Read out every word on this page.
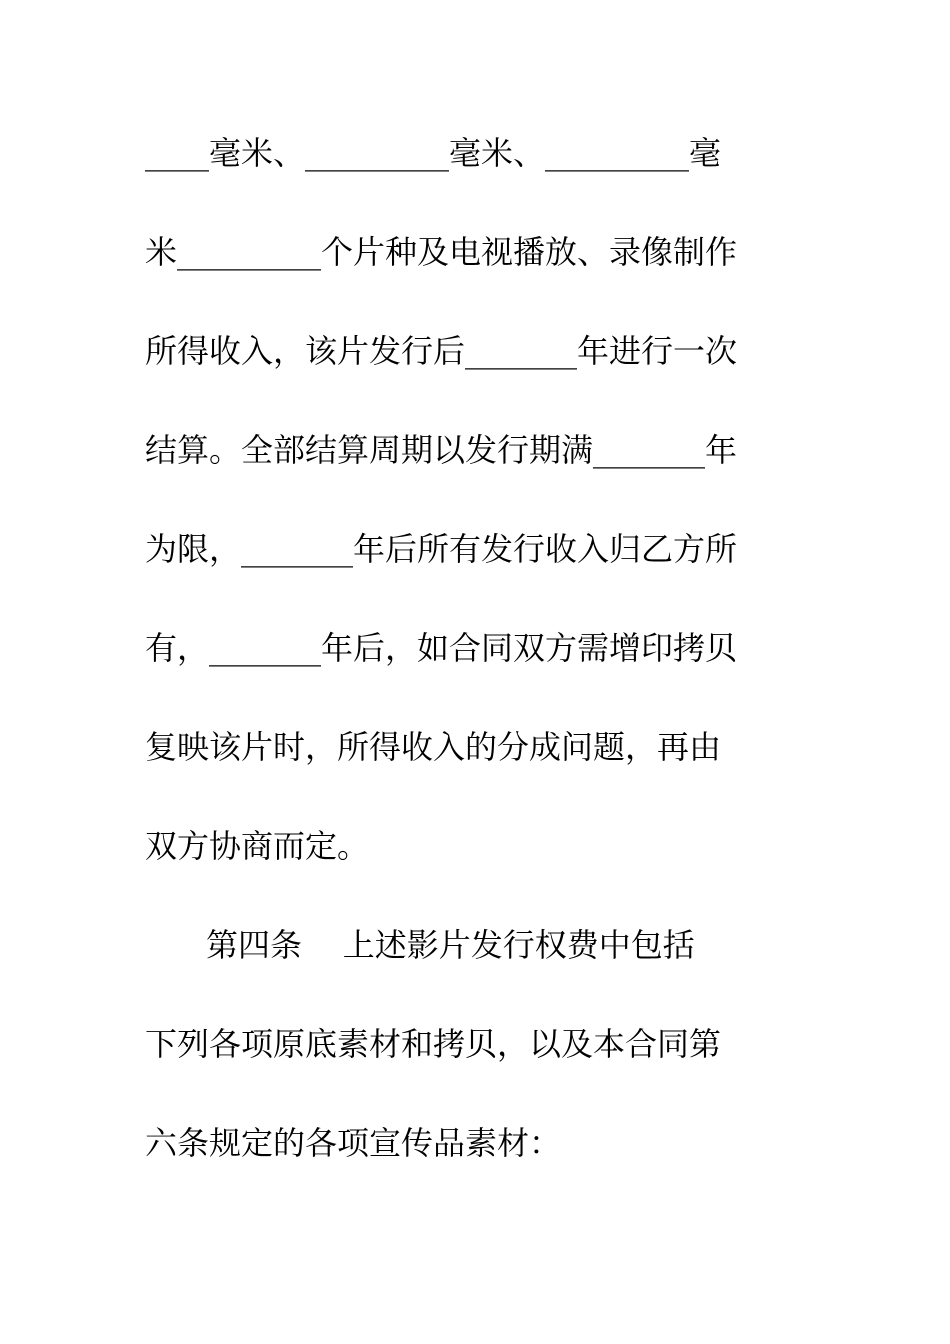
____毫米、_________毫米、_________毫
米_________个片种及电视播放、录像制作
所得收入，该片发行后_______年进行一次
结算。全部结算周期以发行期满_______年
为限，_______年后所有发行收入归乙方所
有，_______年后，如合同双方需增印拷贝
复映该片时，所得收入的分成问题，再由
双方协商而定。
第四条    上述影片发行权费中包括
下列各项原底素材和拷贝，以及本合同第
六条规定的各项宣传品素材：
